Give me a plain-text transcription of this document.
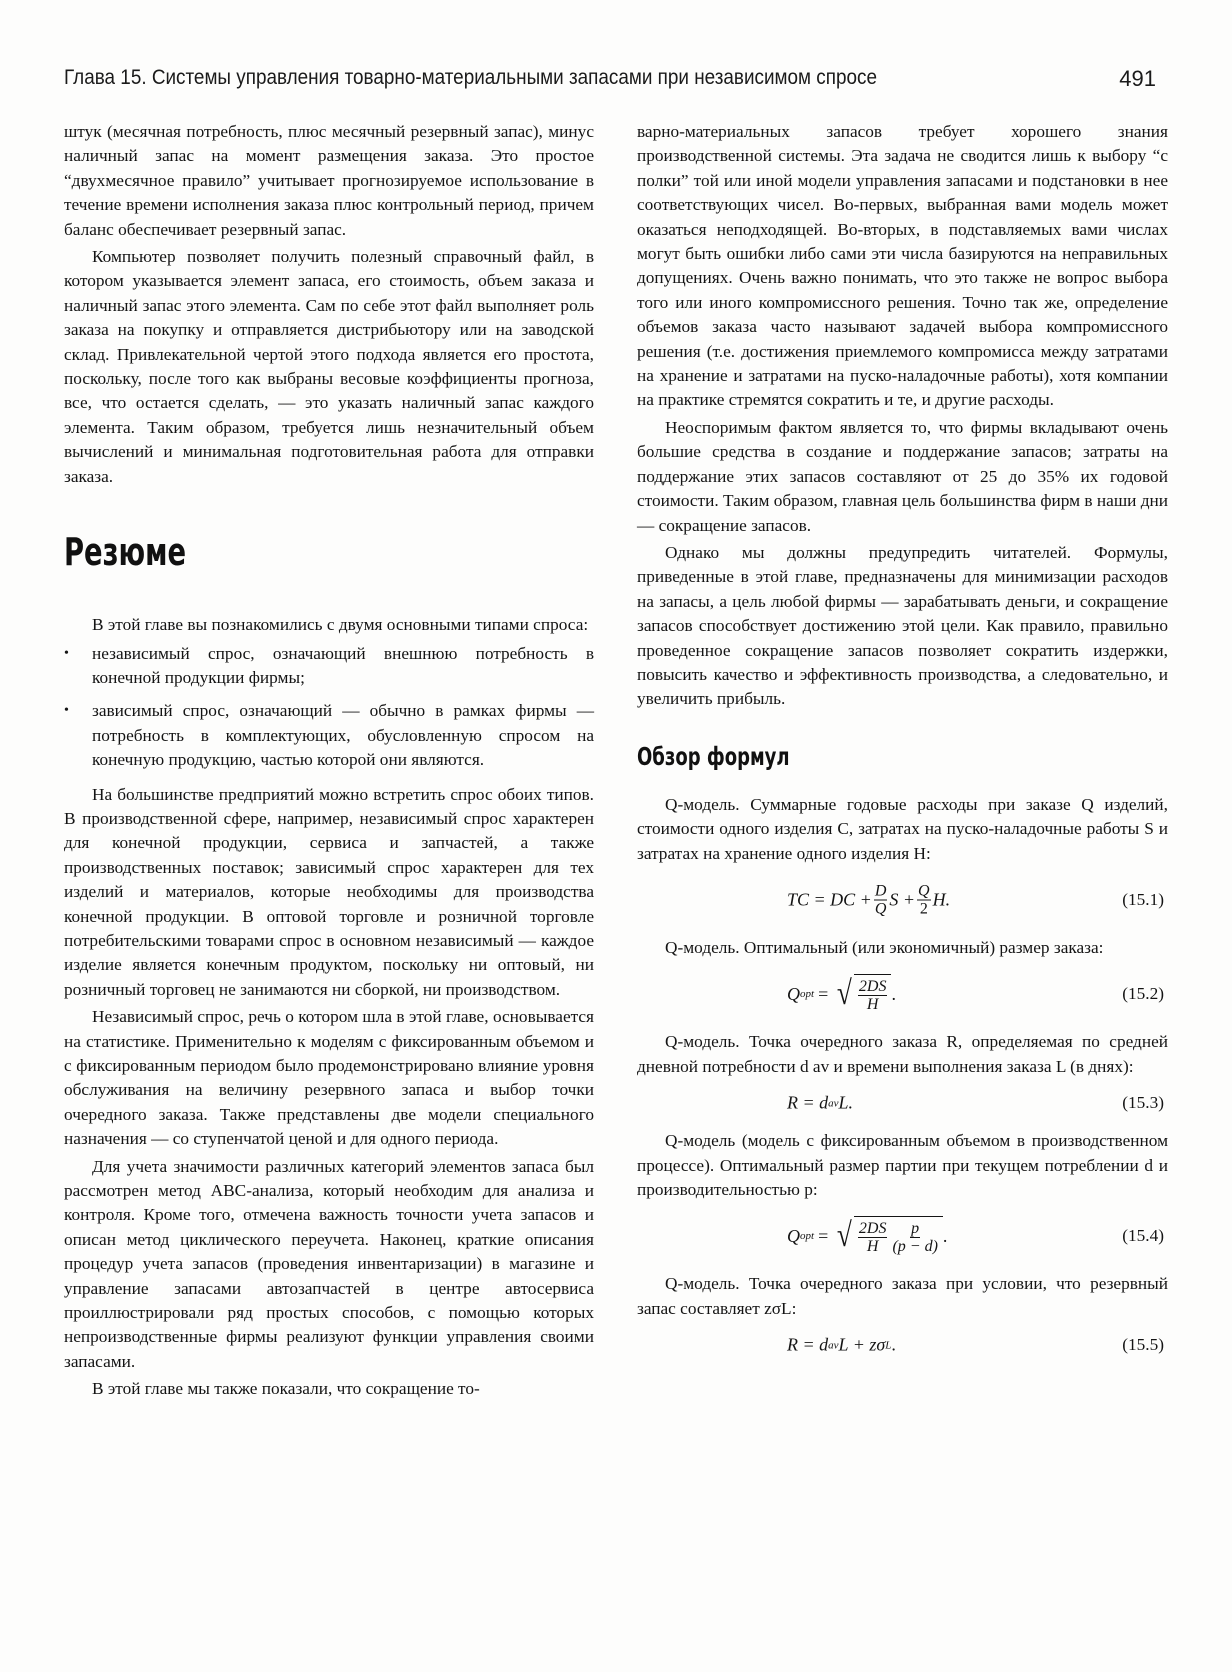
Глава 15. Системы управления товарно-материальными запасами при независимом спросе	491

штук (месячная потребность, плюс месячный резервный запас), минус наличный запас на момент размещения заказа. Это простое “двухмесячное правило” учитывает прогнозируемое использование в течение времени исполнения заказа плюс контрольный период, причем баланс обеспечивает резервный запас.

Компьютер позволяет получить полезный справочный файл, в котором указывается элемент запаса, его стоимость, объем заказа и наличный запас этого элемента. Сам по себе этот файл выполняет роль заказа на покупку и отправляется дистрибьютору или на заводской склад. Привлекательной чертой этого подхода является его простота, поскольку, после того как выбраны весовые коэффициенты прогноза, все, что остается сделать, — это указать наличный запас каждого элемента. Таким образом, требуется лишь незначительный объем вычислений и минимальная подготовительная работа для отправки заказа.

Резюме

В этой главе вы познакомились с двумя основными типами спроса:

• независимый спрос, означающий внешнюю потребность в конечной продукции фирмы;
• зависимый спрос, означающий — обычно в рамках фирмы — потребность в комплектующих, обусловленную спросом на конечную продукцию, частью которой они являются.

На большинстве предприятий можно встретить спрос обоих типов. В производственной сфере, например, независимый спрос характерен для конечной продукции, сервиса и запчастей, а также производственных поставок; зависимый спрос характерен для тех изделий и материалов, которые необходимы для производства конечной продукции. В оптовой торговле и розничной торговле потребительскими товарами спрос в основном независимый — каждое изделие является конечным продуктом, поскольку ни оптовый, ни розничный торговец не занимаются ни сборкой, ни производством.

Независимый спрос, речь о котором шла в этой главе, основывается на статистике. Применительно к моделям с фиксированным объемом и с фиксированным периодом было продемонстрировано влияние уровня обслуживания на величину резервного запаса и выбор точки очередного заказа. Также представлены две модели специального назначения — со ступенчатой ценой и для одного периода.

Для учета значимости различных категорий элементов запаса был рассмотрен метод ABC-анализа, который необходим для анализа и контроля. Кроме того, отмечена важность точности учета запасов и описан метод циклического переучета. Наконец, краткие описания процедур учета запасов (проведения инвентаризации) в магазине и управление запасами автозапчастей в центре автосервиса проиллюстрировали ряд простых способов, с помощью которых непроизводственные фирмы реализуют функции управления своими запасами.

В этой главе мы также показали, что сокращение то-

варно-материальных запасов требует хорошего знания производственной системы. Эта задача не сводится лишь к выбору “с полки” той или иной модели управления запасами и подстановки в нее соответствующих чисел. Во-первых, выбранная вами модель может оказаться неподходящей. Во-вторых, в подставляемых вами числах могут быть ошибки либо сами эти числа базируются на неправильных допущениях. Очень важно понимать, что это также не вопрос выбора того или иного компромиссного решения. Точно так же, определение объемов заказа часто называют задачей выбора компромиссного решения (т.е. достижения приемлемого компромисса между затратами на хранение и затратами на пуско-наладочные работы), хотя компании на практике стремятся сократить и те, и другие расходы.

Неоспоримым фактом является то, что фирмы вкладывают очень большие средства в создание и поддержание запасов; затраты на поддержание этих запасов составляют от 25 до 35% их годовой стоимости. Таким образом, главная цель большинства фирм в наши дни — сокращение запасов.

Однако мы должны предупредить читателей. Формулы, приведенные в этой главе, предназначены для минимизации расходов на запасы, а цель любой фирмы — зарабатывать деньги, и сокращение запасов способствует достижению этой цели. Как правило, правильно проведенное сокращение запасов позволяет сократить издержки, повысить качество и эффективность производства, а следовательно, и увеличить прибыль.

Обзор формул

Q-модель. Суммарные годовые расходы при заказе Q изделий, стоимости одного изделия C, затратах на пуско-наладочные работы S и затратах на хранение одного изделия H:

TC = DC + $\frac{D}{Q}$ $S + \frac{Q}{2} H$.	(15.1)

Q-модель. Оптимальный (или экономичный) размер заказа:

Q opt = √ $\frac{2DS}{H}$ .	(15.2)

Q-модель. Точка очередного заказа R, определяемая по средней дневной потребности d av и времени выполнения заказа L (в днях):

R = d av L.	(15.3)

Q-модель (модель с фиксированным объемом в производственном процессе). Оптимальный размер партии при текущем потреблении d и производительностью p:

Q opt = √ $\frac{2DS}{H} \frac{p}{(p - d)}$ .	(15.4)

Q-модель. Точка очередного заказа при условии, что резервный запас составляет zσL:

R = d av L + zσ L .	(15.5)
